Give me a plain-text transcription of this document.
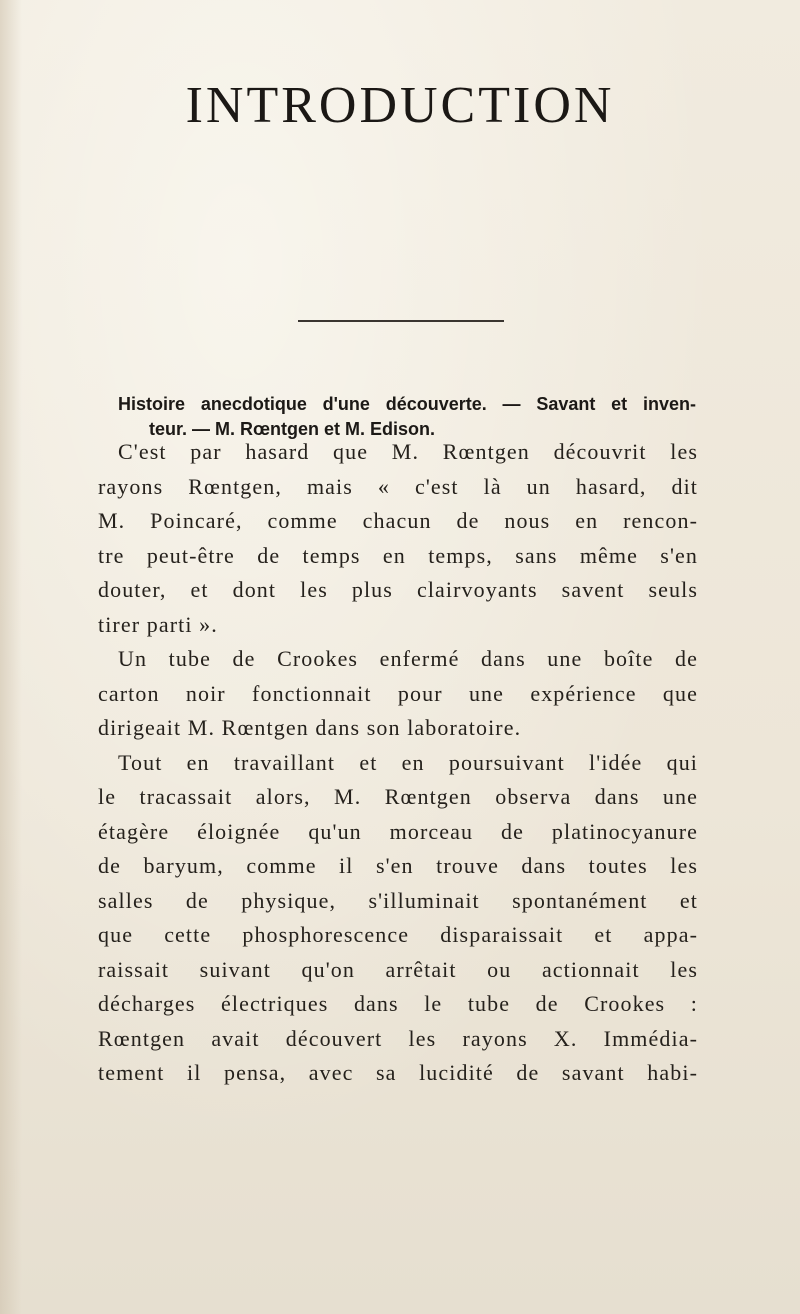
INTRODUCTION
Histoire anecdotique d'une découverte. — Savant et inven-
teur. — M. Rœntgen et M. Edison.
C'est par hasard que M. Rœntgen découvrit les
rayons Rœntgen, mais « c'est là un hasard, dit
M. Poincaré, comme chacun de nous en rencon-
tre peut-être de temps en temps, sans même s'en
douter, et dont les plus clairvoyants savent seuls
tirer parti ».
Un tube de Crookes enfermé dans une boîte de
carton noir fonctionnait pour une expérience que
dirigeait M. Rœntgen dans son laboratoire.
Tout en travaillant et en poursuivant l'idée qui
le tracassait alors, M. Rœntgen observa dans une
étagère éloignée qu'un morceau de platinocyanure
de baryum, comme il s'en trouve dans toutes les
salles de physique, s'illuminait spontanément et
que cette phosphorescence disparaissait et appa-
raissait suivant qu'on arrêtait ou actionnait les
décharges électriques dans le tube de Crookes :
Rœntgen avait découvert les rayons X. Immédia-
tement il pensa, avec sa lucidité de savant habi-
